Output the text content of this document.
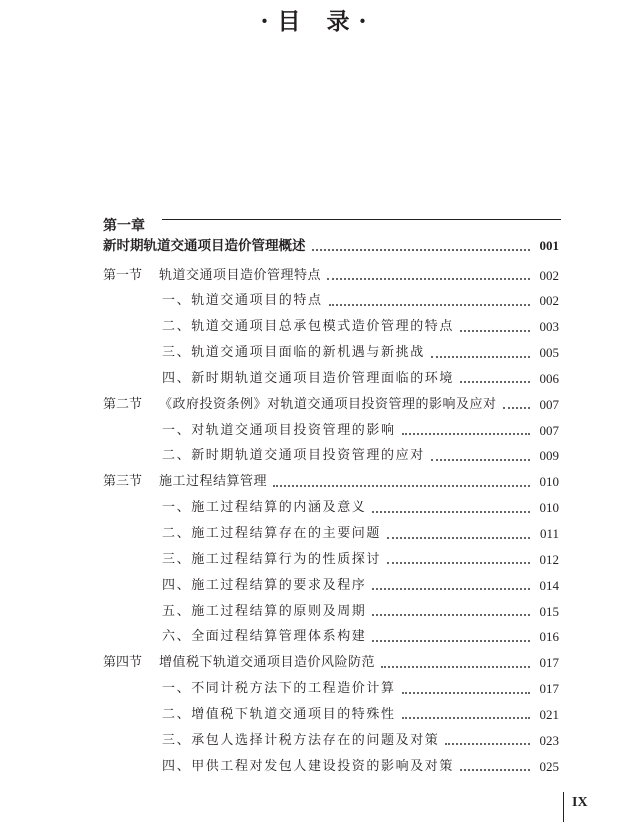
·目 录·
第一章
新时期轨道交通项目造价管理概述	001
第一节	轨道交通项目造价管理特点	002
一、轨道交通项目的特点	002
二、轨道交通项目总承包模式造价管理的特点	003
三、轨道交通项目面临的新机遇与新挑战	005
四、新时期轨道交通项目造价管理面临的环境	006
第二节	《政府投资条例》对轨道交通项目投资管理的影响及应对	007
一、对轨道交通项目投资管理的影响	007
二、新时期轨道交通项目投资管理的应对	009
第三节	施工过程结算管理	010
一、施工过程结算的内涵及意义	010
二、施工过程结算存在的主要问题	011
三、施工过程结算行为的性质探讨	012
四、施工过程结算的要求及程序	014
五、施工过程结算的原则及周期	015
六、全面过程结算管理体系构建	016
第四节	增值税下轨道交通项目造价风险防范	017
一、不同计税方法下的工程造价计算	017
二、增值税下轨道交通项目的特殊性	021
三、承包人选择计税方法存在的问题及对策	023
四、甲供工程对发包人建设投资的影响及对策	025
IX
